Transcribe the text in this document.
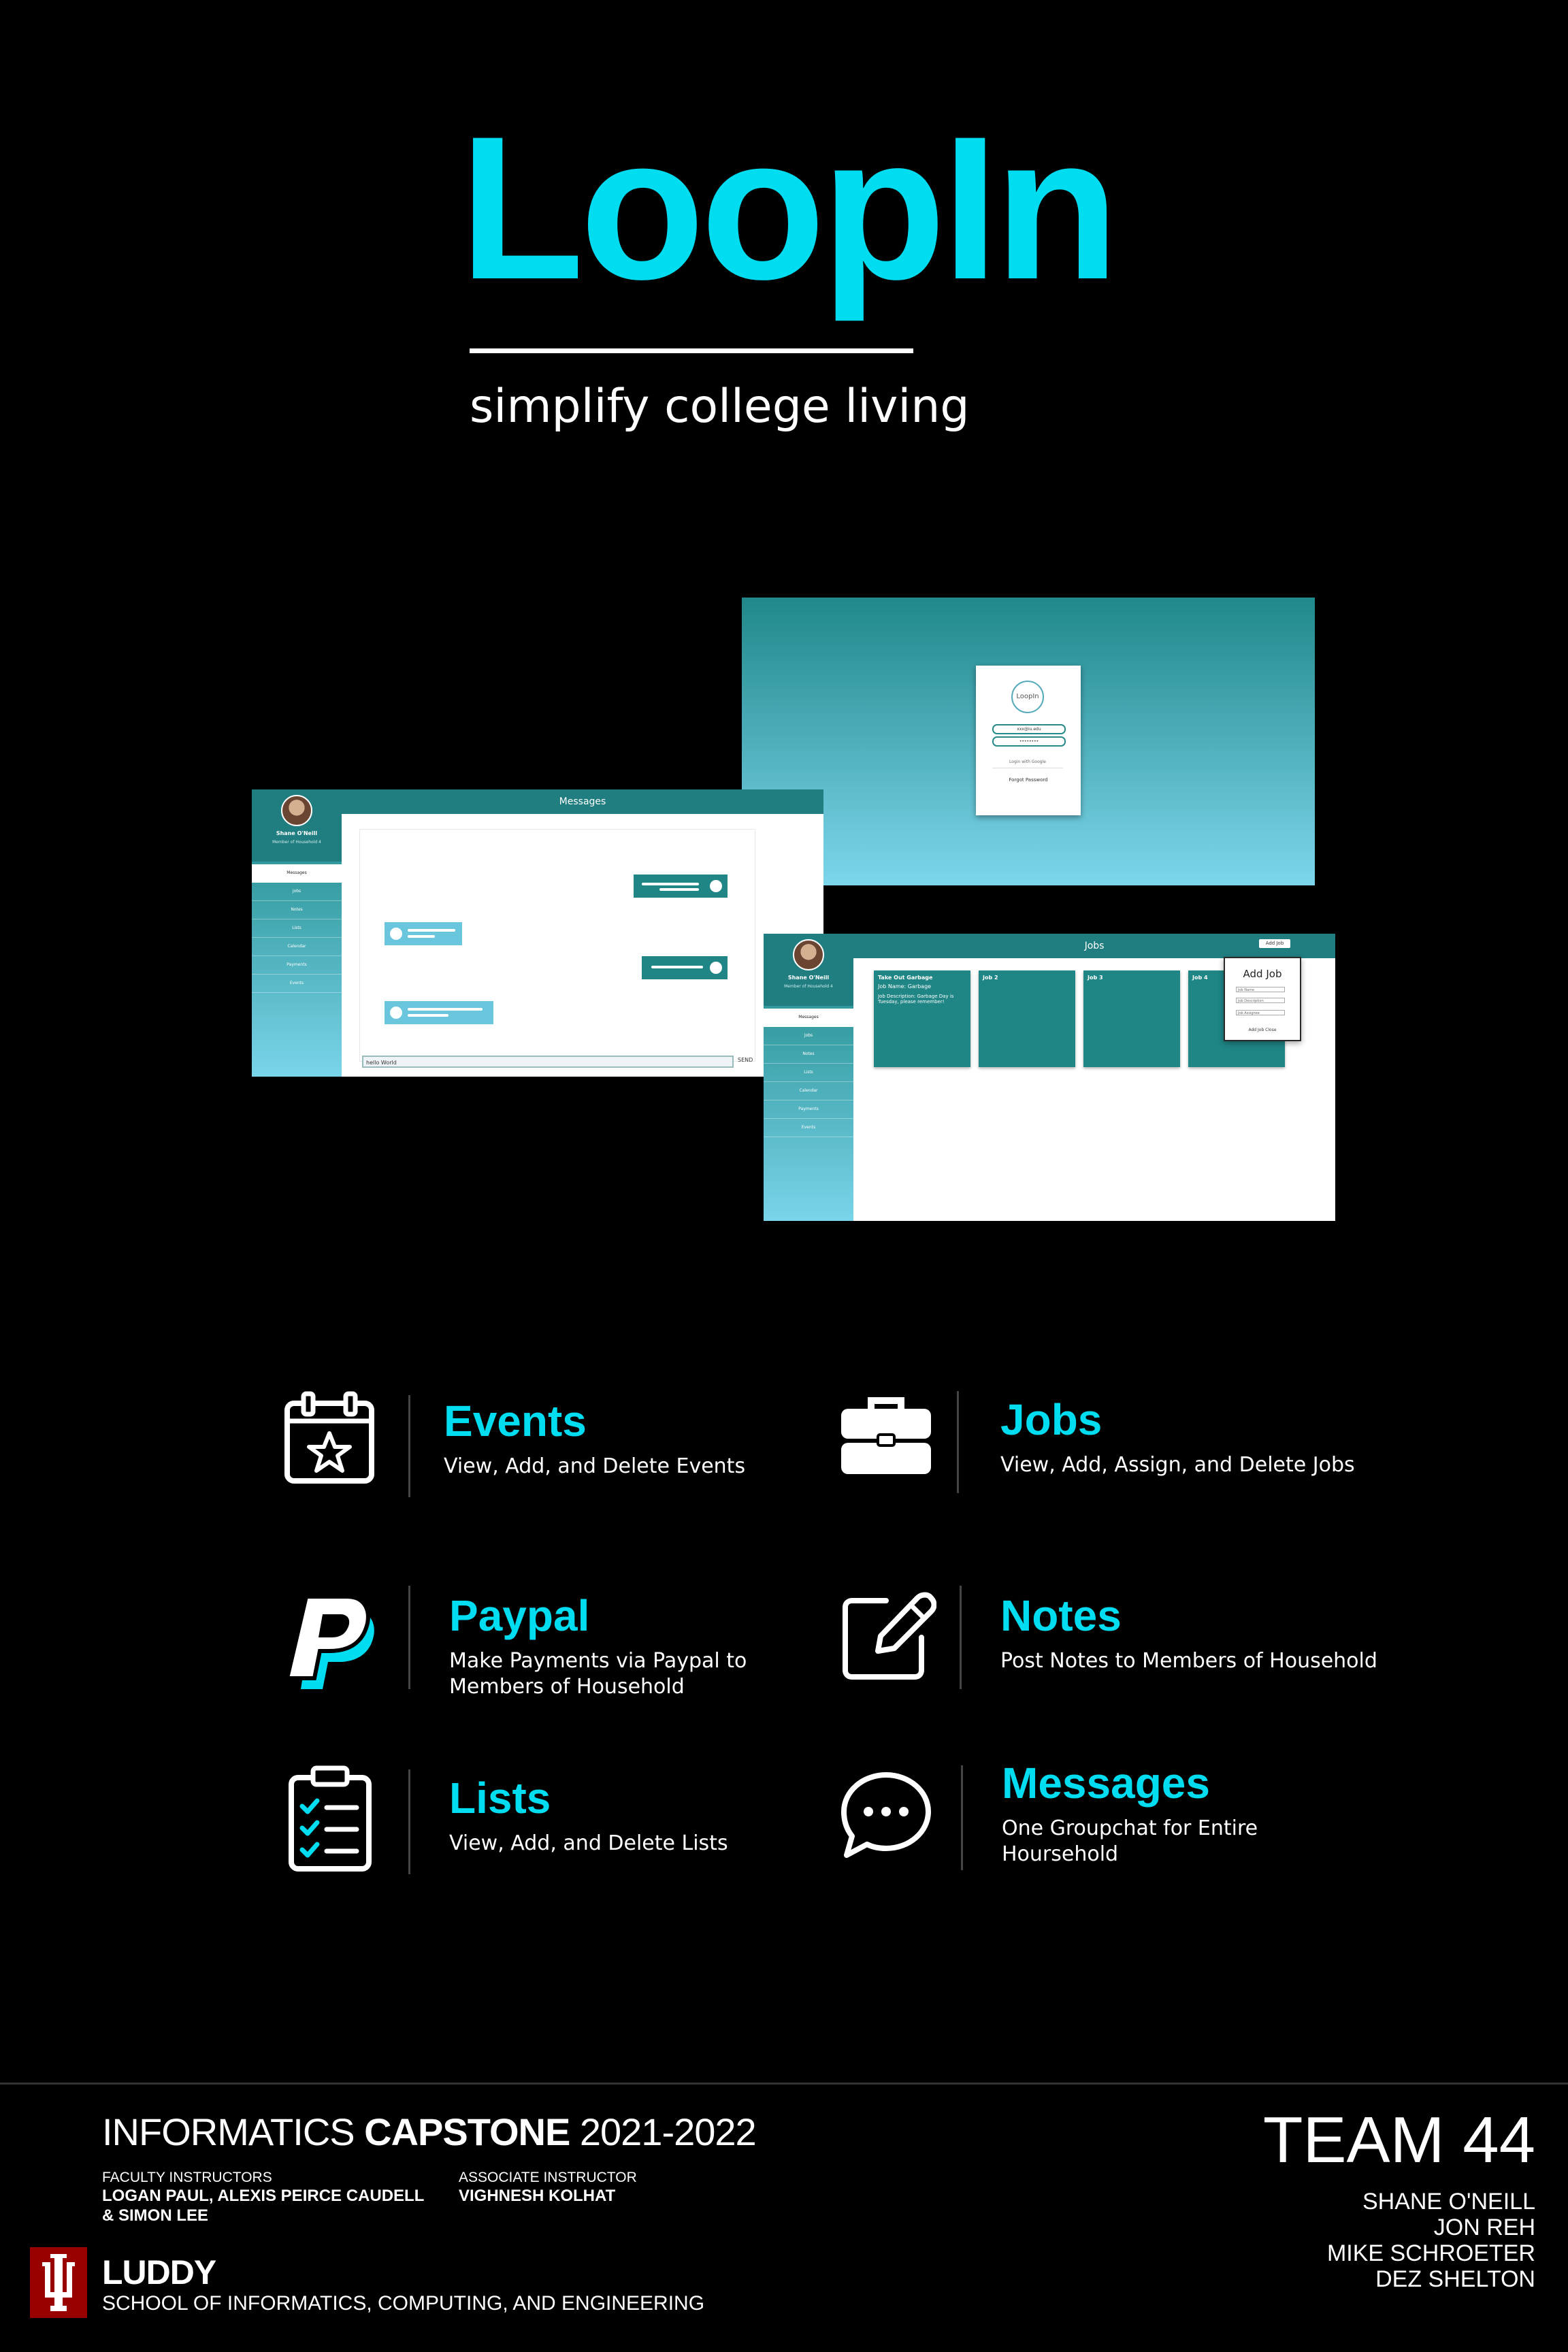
LoopIn
simplify college living
LoopIn
xxx@iu.edu
••••••••
Login with Google
Forgot Password
Shane O'Neill
Member of Household 4
Messages
Jobs
Notes
Lists
Calendar
Payments
Events
Messages
hello World	SEND
Shane O'Neill
Member of Household 4
Messages
Jobs
Notes
Lists
Calendar
Payments
Events
Jobs	Add Job
Take Out Garbage
Job Name: Garbage
Job Description: Garbage Day is Tuesday, please remember!
Job 2	Job 3	Job 4	Add Job
Job Name
Job Description
Job Assignee
Add Job Close
Events
View, Add, and Delete Events
Jobs
View, Add, Assign, and Delete Jobs
Paypal
Make Payments via Paypal to
Members of Household
Notes
Post Notes to Members of Household
Lists
View, Add, and Delete Lists
Messages
One Groupchat for Entire
Hoursehold
INFORMATICS CAPSTONE 2021-2022
FACULTY INSTRUCTORS
LOGAN PAUL, ALEXIS PEIRCE CAUDELL
& SIMON LEE
ASSOCIATE INSTRUCTOR
VIGHNESH KOLHAT
LUDDY
SCHOOL OF INFORMATICS, COMPUTING, AND ENGINEERING
TEAM 44
SHANE O'NEILL
JON REH
MIKE SCHROETER
DEZ SHELTON
